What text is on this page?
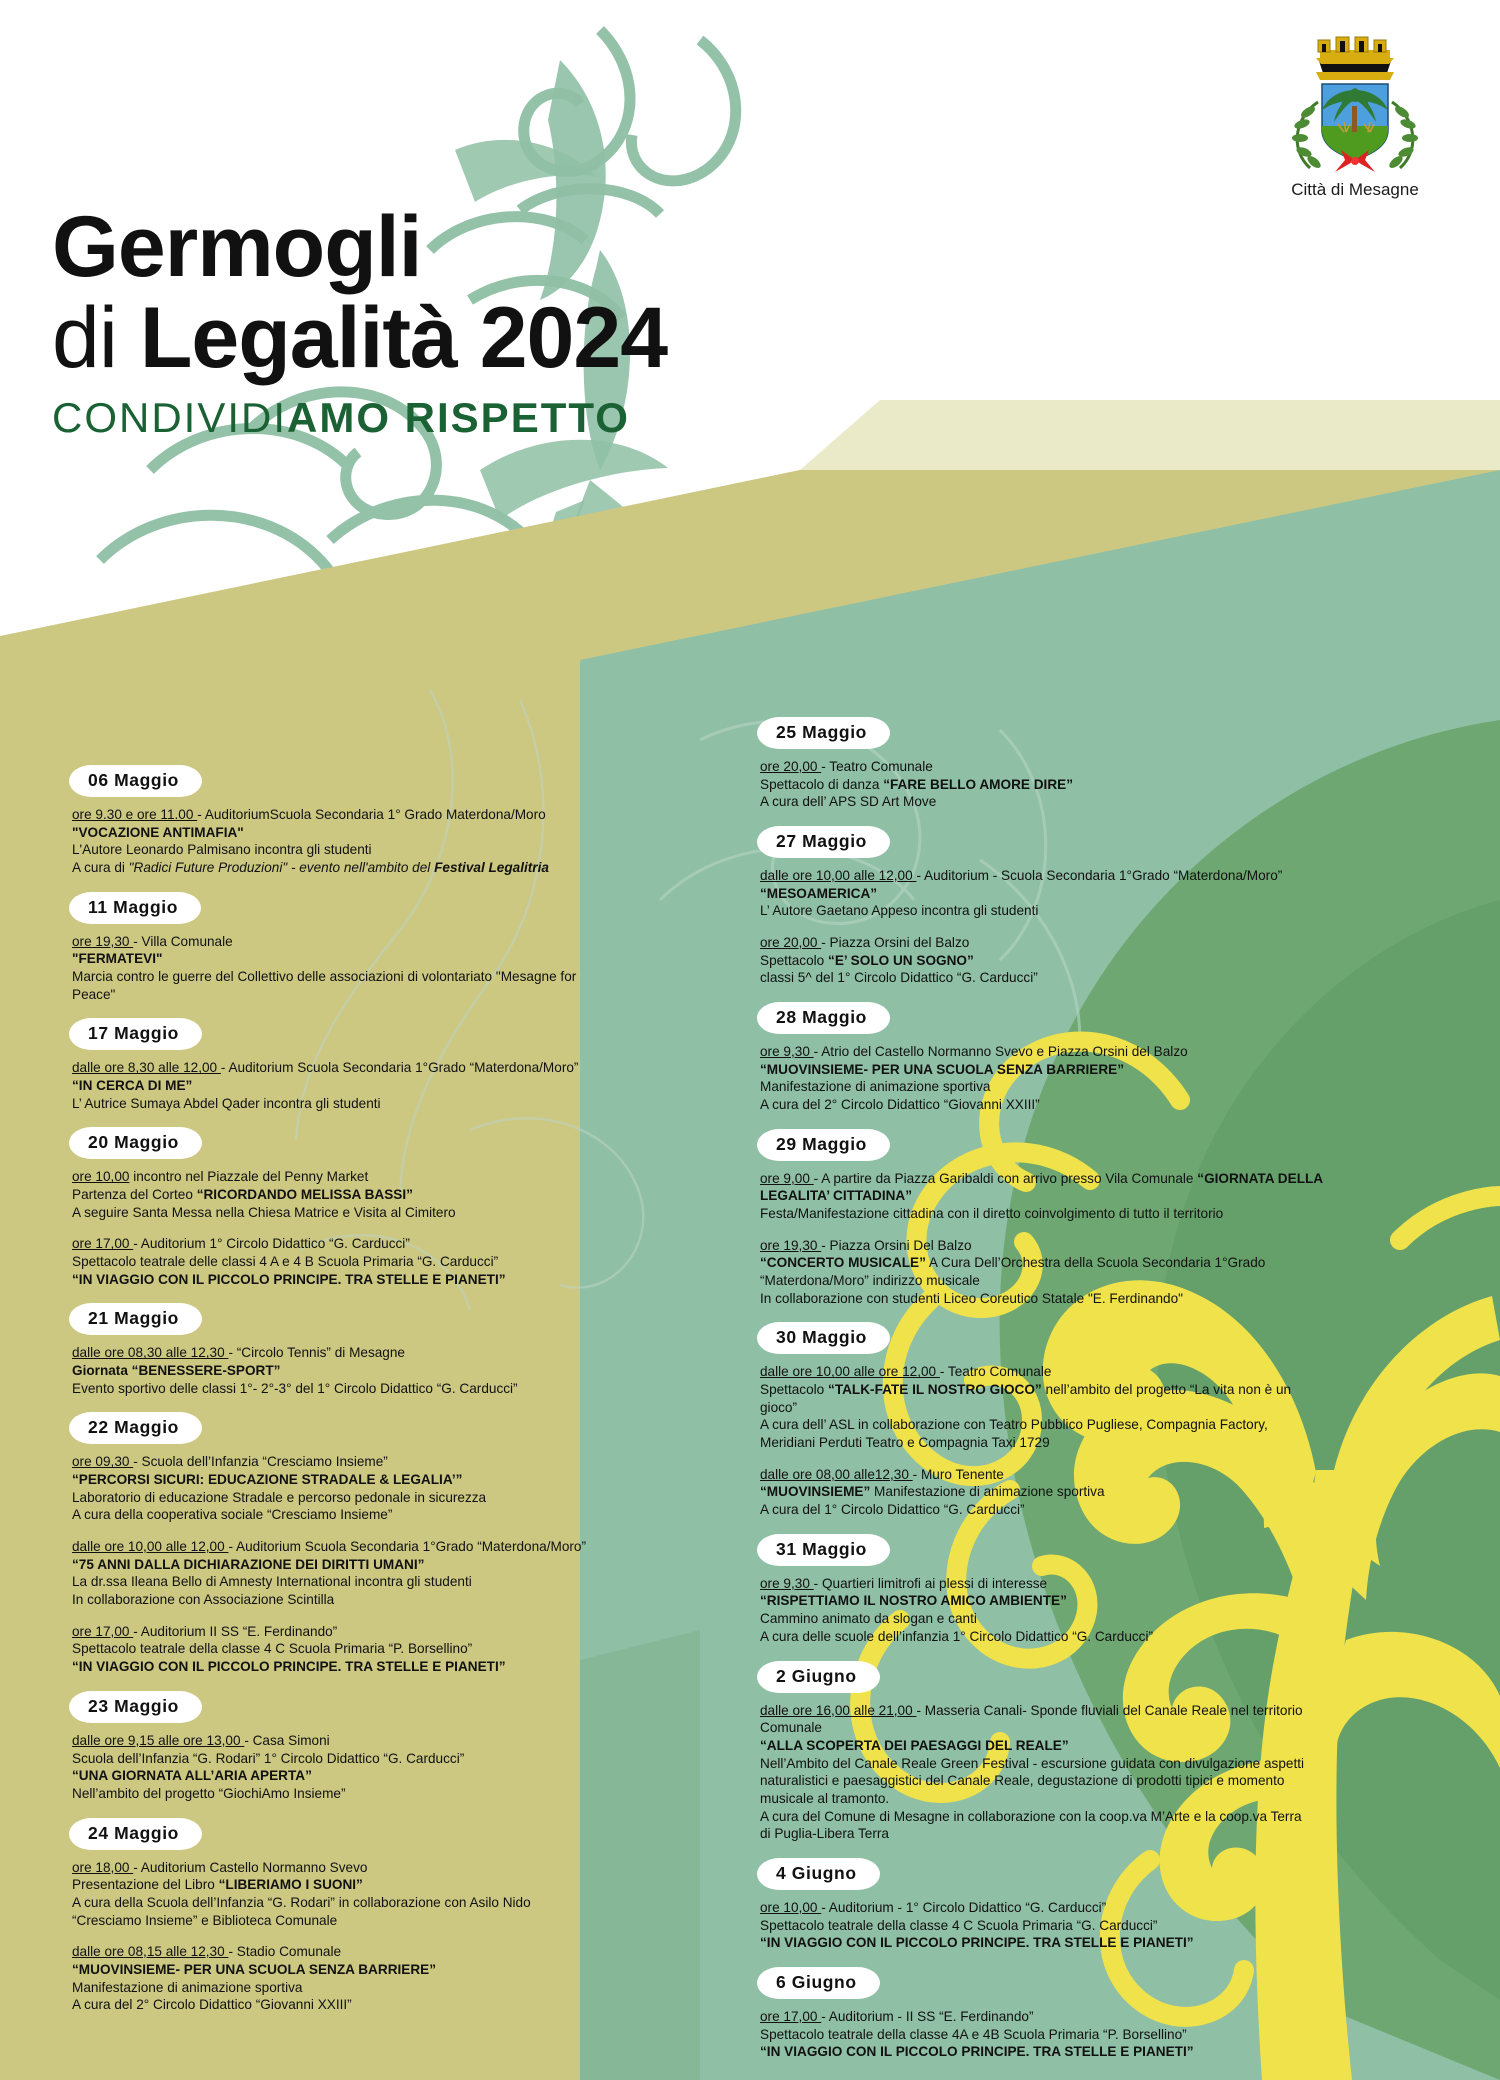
Germogli
di Legalità 2024
CONDIVIDIAMO RISPETTO
Città di Mesagne
06 Maggio
ore 9.30 e ore 11.00 - AuditoriumScuola Secondaria 1° Grado Materdona/Moro
"VOCAZIONE ANTIMAFIA"
L'Autore Leonardo Palmisano incontra gli studenti
A cura di "Radici Future Produzioni" - evento nell'ambito del Festival Legalitria
11 Maggio
ore 19,30 - Villa Comunale
"FERMATEVI"
Marcia contro le guerre del Collettivo delle associazioni di volontariato "Mesagne for
Peace"
17 Maggio
dalle ore 8,30 alle 12,00 - Auditorium Scuola Secondaria 1°Grado “Materdona/Moro”
“IN CERCA DI ME”
L’ Autrice Sumaya Abdel Qader incontra gli studenti
20 Maggio
ore 10,00 incontro nel Piazzale del Penny Market
Partenza del Corteo “RICORDANDO MELISSA BASSI”
A seguire Santa Messa nella Chiesa Matrice e Visita al Cimitero
ore 17,00 - Auditorium 1° Circolo Didattico “G. Carducci”
Spettacolo teatrale delle classi 4 A e 4 B Scuola Primaria “G. Carducci”
“IN VIAGGIO CON IL PICCOLO PRINCIPE. TRA STELLE E PIANETI”
21 Maggio
dalle ore 08,30 alle 12,30 - “Circolo Tennis” di Mesagne
Giornata “BENESSERE-SPORT”
Evento sportivo delle classi 1°- 2°-3° del 1° Circolo Didattico “G. Carducci”
22 Maggio
ore 09,30 - Scuola dell’Infanzia “Cresciamo Insieme”
“PERCORSI SICURI: EDUCAZIONE STRADALE & LEGALIA’”
Laboratorio di educazione Stradale e percorso pedonale in sicurezza
A cura della cooperativa sociale “Cresciamo Insieme”
dalle ore 10,00 alle 12,00 - Auditorium Scuola Secondaria 1°Grado “Materdona/Moro”
“75 ANNI DALLA DICHIARAZIONE DEI DIRITTI UMANI”
La dr.ssa Ileana Bello di Amnesty International incontra gli studenti
In collaborazione con Associazione Scintilla
ore 17,00 - Auditorium II SS “E. Ferdinando”
Spettacolo teatrale della classe 4 C Scuola Primaria “P. Borsellino”
“IN VIAGGIO CON IL PICCOLO PRINCIPE. TRA STELLE E PIANETI”
23 Maggio
dalle ore 9,15 alle ore 13,00 - Casa Simoni
Scuola dell’Infanzia “G. Rodari” 1° Circolo Didattico “G. Carducci”
“UNA GIORNATA ALL’ARIA APERTA”
Nell’ambito del progetto “GiochiAmo Insieme”
24 Maggio
ore 18,00 - Auditorium Castello Normanno Svevo
Presentazione del Libro “LIBERIAMO I SUONI”
A cura della Scuola dell’Infanzia “G. Rodari” in collaborazione con Asilo Nido
“Cresciamo Insieme” e Biblioteca Comunale
dalle ore 08,15 alle 12,30 - Stadio Comunale
“MUOVINSIEME- PER UNA SCUOLA SENZA BARRIERE”
Manifestazione di animazione sportiva
A cura del 2° Circolo Didattico “Giovanni XXIII”
25 Maggio
ore 20,00 - Teatro Comunale
Spettacolo di danza “FARE BELLO AMORE DIRE”
A cura dell’ APS SD Art Move
27 Maggio
dalle ore 10,00 alle 12,00 - Auditorium - Scuola Secondaria 1°Grado “Materdona/Moro”
“MESOAMERICA”
L’ Autore Gaetano Appeso incontra gli studenti
ore 20,00 - Piazza Orsini del Balzo
Spettacolo “E’ SOLO UN SOGNO”
classi 5^ del 1° Circolo Didattico “G. Carducci”
28 Maggio
ore 9,30 - Atrio del Castello Normanno Svevo e Piazza Orsini del Balzo
“MUOVINSIEME- PER UNA SCUOLA SENZA BARRIERE”
Manifestazione di animazione sportiva
A cura del 2° Circolo Didattico “Giovanni XXIII”
29 Maggio
ore 9,00 - A partire da Piazza Garibaldi con arrivo presso Vila Comunale “GIORNATA DELLA
LEGALITA’ CITTADINA”
Festa/Manifestazione cittadina con il diretto coinvolgimento di tutto il territorio
ore 19,30 - Piazza Orsini Del Balzo
“CONCERTO MUSICALE” A Cura Dell’Orchestra della Scuola Secondaria 1°Grado
“Materdona/Moro” indirizzo musicale
In collaborazione con studenti Liceo Coreutico Statale "E. Ferdinando"
30 Maggio
dalle ore 10,00 alle ore 12,00 - Teatro Comunale
Spettacolo “TALK-FATE IL NOSTRO GIOCO” nell’ambito del progetto “La vita non è un
gioco”
A cura dell’ ASL in collaborazione con Teatro Pubblico Pugliese, Compagnia Factory,
Meridiani Perduti Teatro e Compagnia Taxi 1729
dalle ore 08,00 alle12,30 - Muro Tenente
“MUOVINSIEME” Manifestazione di animazione sportiva
A cura del 1° Circolo Didattico “G. Carducci”
31 Maggio
ore 9,30 - Quartieri limitrofi ai plessi di interesse
“RISPETTIAMO IL NOSTRO AMICO AMBIENTE”
Cammino animato da slogan e canti
A cura delle scuole dell’infanzia 1° Circolo Didattico “G. Carducci”
2 Giugno
dalle ore 16,00 alle 21,00 - Masseria Canali- Sponde fluviali del Canale Reale nel territorio
Comunale
“ALLA SCOPERTA DEI PAESAGGI DEL REALE”
Nell’Ambito del Canale Reale Green Festival - escursione guidata con divulgazione aspetti
naturalistici e paesaggistici del Canale Reale, degustazione di prodotti tipici e momento
musicale al tramonto.
A cura del Comune di Mesagne in collaborazione con la coop.va M’Arte e la coop.va Terra
di Puglia-Libera Terra
4 Giugno
ore 10,00 - Auditorium - 1° Circolo Didattico “G. Carducci”
Spettacolo teatrale della classe 4 C Scuola Primaria “G. Carducci”
“IN VIAGGIO CON IL PICCOLO PRINCIPE. TRA STELLE E PIANETI”
6 Giugno
ore 17,00 - Auditorium - II SS “E. Ferdinando”
Spettacolo teatrale della classe 4A e 4B Scuola Primaria “P. Borsellino”
“IN VIAGGIO CON IL PICCOLO PRINCIPE. TRA STELLE E PIANETI”
